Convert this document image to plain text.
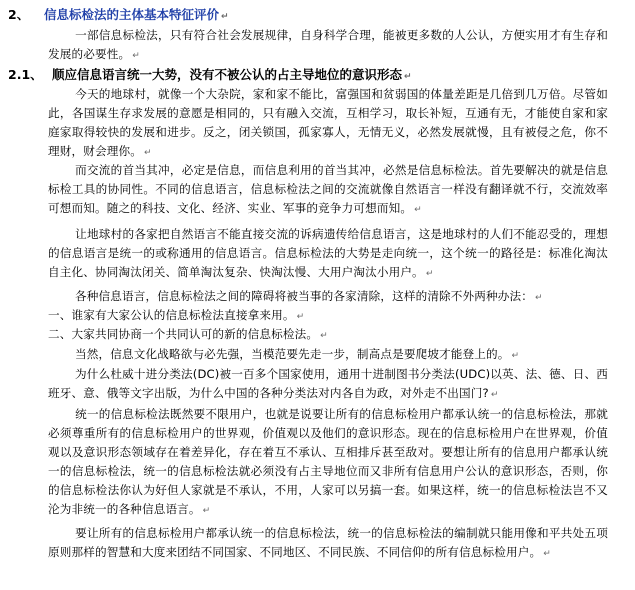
2、 信息标检法的主体基本特征评价 ↵
一部信息标检法，只有符合社会发展规律，自身科学合理，能被更多数的人公认，方便实用才有生存和发展的必要性。 ↵
2.1、 顺应信息语言统一大势，没有不被公认的占主导地位的意识形态 ↵
今天的地球村，就像一个大杂院，家和家不能比，富强国和贫弱国的体量差距是几倍到几万倍。尽管如此，各国谋生存求发展的意愿是相同的，只有融入交流，互相学习，取长补短，互通有无，才能使自家和家庭家取得较快的发展和进步。反之，闭关锁国，孤家寡人，无情无义，必然发展就慢，且有被侵之危，你不理财，财会理你。 ↵
而交流的首当其冲，必定是信息，而信息利用的首当其冲，必然是信息标检法。首先要解决的就是信息标检工具的协同性。不同的信息语言，信息标检法之间的交流就像自然语言一样没有翻译就不行，交流效率可想而知。随之的科技、文化、经济、实业、军事的竞争力可想而知。 ↵
让地球村的各家把自然语言不能直接交流的诉病遗传给信息语言，这是地球村的人们不能忍受的，理想的信息语言是统一的或称通用的信息语言。信息标检法的大势是走向统一，这个统一的路径是：标准化淘汰自主化、协同淘汰闭关、简单淘汰复杂、快淘汰慢、大用户淘汰小用户。 ↵
各种信息语言，信息标检法之间的障碍将被当事的各家清除，这样的清除不外两种办法： ↵
一、谁家有大家公认的信息标检法直接拿来用。 ↵
二、大家共同协商一个共同认可的新的信息标检法。 ↵
当然，信息文化战略欲与必先强，当模范要先走一步，制高点是要爬坡才能登上的。 ↵
为什么杜威十进分类法(DC)被一百多个国家使用，通用十进制图书分类法(UDC)以英、法、德、日、西班牙、意、俄等文字出版，为什么中国的各种分类法对内各自为政，对外走不出国门? ↵
统一的信息标检法既然要不限用户，也就是说要让所有的信息标检用户都承认统一的信息标检法，那就必须尊重所有的信息标检用户的世界观，价值观以及他们的意识形态。现在的信息标检用户在世界观，价值观以及意识形态领域存在着差异化，存在着互不承认、互相排斥甚至敌对。要想让所有的信息用户都承认统一的信息标检法，统一的信息标检法就必须没有占主导地位而又非所有信息用户公认的意识形态，否则，你的信息标检法你认为好但人家就是不承认，不用，人家可以另搞一套。如果这样，统一的信息标检法岂不又沦为非统一的各种信息语言。 ↵
要让所有的信息标检用户都承认统一的信息标检法，统一的信息标检法的编制就只能用像和平共处五项原则那样的智慧和大度来团结不同国家、不同地区、不同民族、不同信仰的所有信息标检用户。 ↵
